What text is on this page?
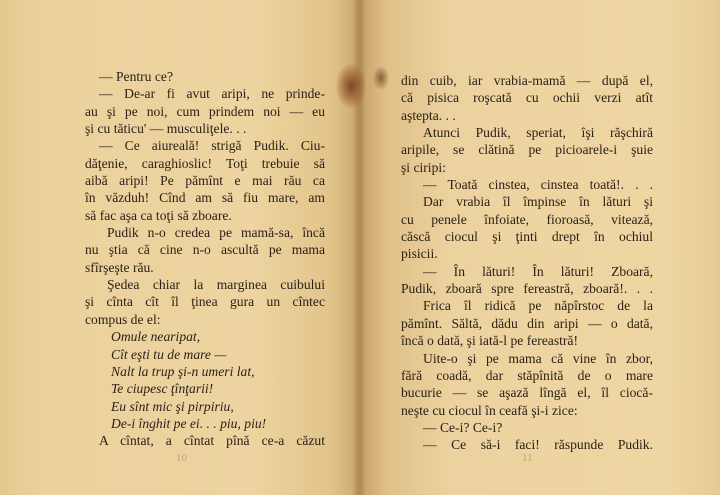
— Pentru ce?
— De-ar fi avut aripi, ne prinde-
au şi pe noi, cum prindem noi — eu
şi cu tăticu' — musculiţele. . .
— Ce aiureală! strigă Pudik. Ciu-
dăţenie, caraghioslic! Toţi trebuie să
aibă aripi! Pe pămînt e mai rău ca
în văzduh! Cînd am să fiu mare, am
să fac aşa ca toţi să zboare.
Pudik n-o credea pe mamă-sa, încă
nu ştia că cine n-o ascultă pe mama
sfîrşeşte rău.
Şedea chiar la marginea cuibului
şi cînta cît îl ţinea gura un cîntec
compus de el:
Omule nearipat,
Cît eşti tu de mare —
Nalt la trup şi-n umeri lat,
Te ciupesc ţînţarii!
Eu sînt mic şi pirpiriu,
De-i înghit pe ei. . . piu, piu!
A cîntat, a cîntat pînă ce-a căzut
10
din cuib, iar vrabia-mamă — după el,
că pisica roşcată cu ochii verzi atît
aştepta. . .
Atunci Pudik, speriat, îşi răşchiră
aripile, se clătină pe picioarele-i şuie
şi ciripi:
— Toată cinstea, cinstea toată!. . .
Dar vrabia îl împinse în lături şi
cu penele înfoiate, fioroasă, vitează,
căscă ciocul şi ţinti drept în ochiul
pisicii.
— În lături! În lături! Zboară,
Pudik, zboară spre fereastră, zboară!. . .
Frica îl ridică pe năpîrstoc de la
pămînt. Săltă, dădu din aripi — o dată,
încă o dată, şi iată-l pe fereastră!
Uite-o şi pe mama că vine în zbor,
fără coadă, dar stăpînită de o mare
bucurie — se aşază lîngă el, îl ciocă-
neşte cu ciocul în ceafă şi-i zice:
— Ce-i? Ce-i?
— Ce să-i faci! răspunde Pudik.
11
